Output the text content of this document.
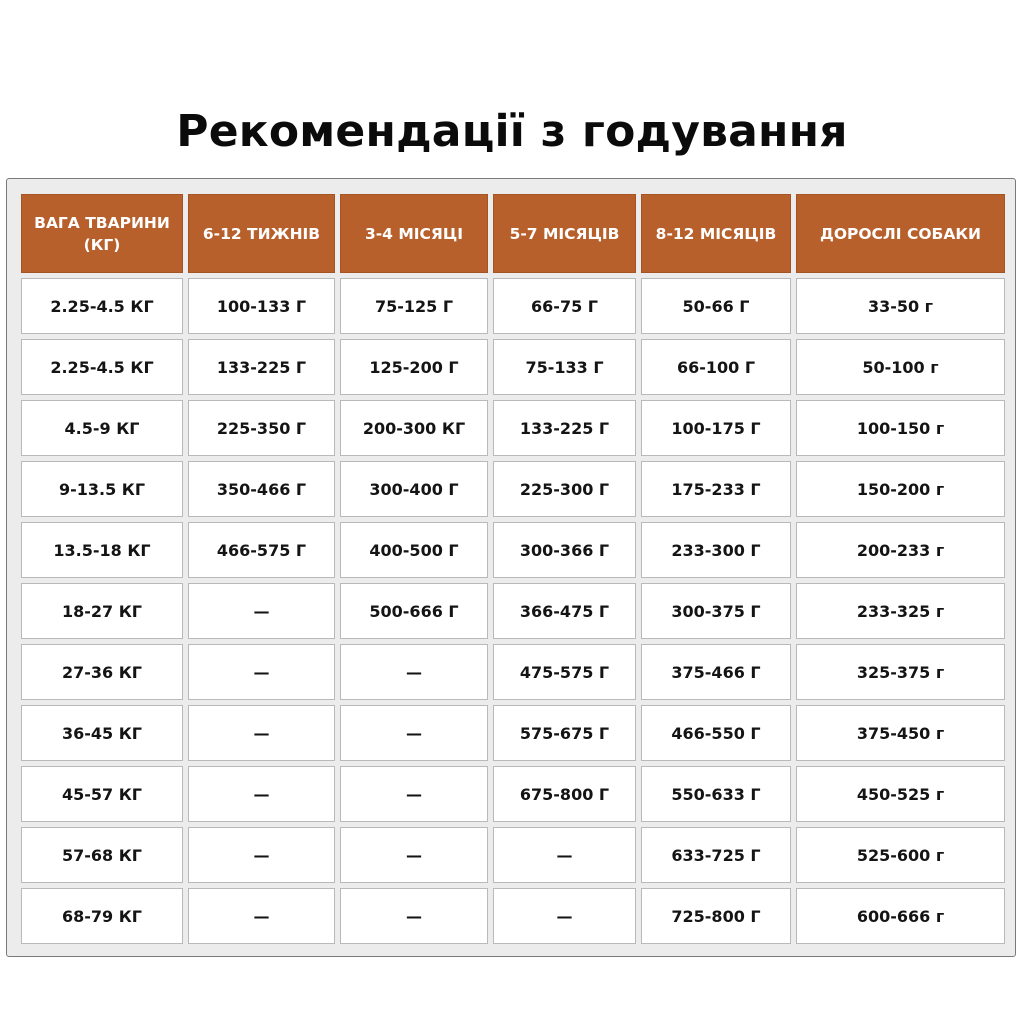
Рекомендації з годування
ВАГА ТВАРИНИ (КГ)	6-12 ТИЖНІВ	3-4 МІСЯЦІ	5-7 МІСЯЦІВ	8-12 МІСЯЦІВ	ДОРОСЛІ СОБАКИ
2.25-4.5 КГ	100-133 Г	75-125 Г	66-75 Г	50-66 Г	33-50 г
2.25-4.5 КГ	133-225 Г	125-200 Г	75-133 Г	66-100 Г	50-100 г
4.5-9 КГ	225-350 Г	200-300 КГ	133-225 Г	100-175 Г	100-150 г
9-13.5 КГ	350-466 Г	300-400 Г	225-300 Г	175-233 Г	150-200 г
13.5-18 КГ	466-575 Г	400-500 Г	300-366 Г	233-300 Г	200-233 г
18-27 КГ	—	500-666 Г	366-475 Г	300-375 Г	233-325 г
27-36 КГ	—	—	475-575 Г	375-466 Г	325-375 г
36-45 КГ	—	—	575-675 Г	466-550 Г	375-450 г
45-57 КГ	—	—	675-800 Г	550-633 Г	450-525 г
57-68 КГ	—	—	—	633-725 Г	525-600 г
68-79 КГ	—	—	—	725-800 Г	600-666 г
